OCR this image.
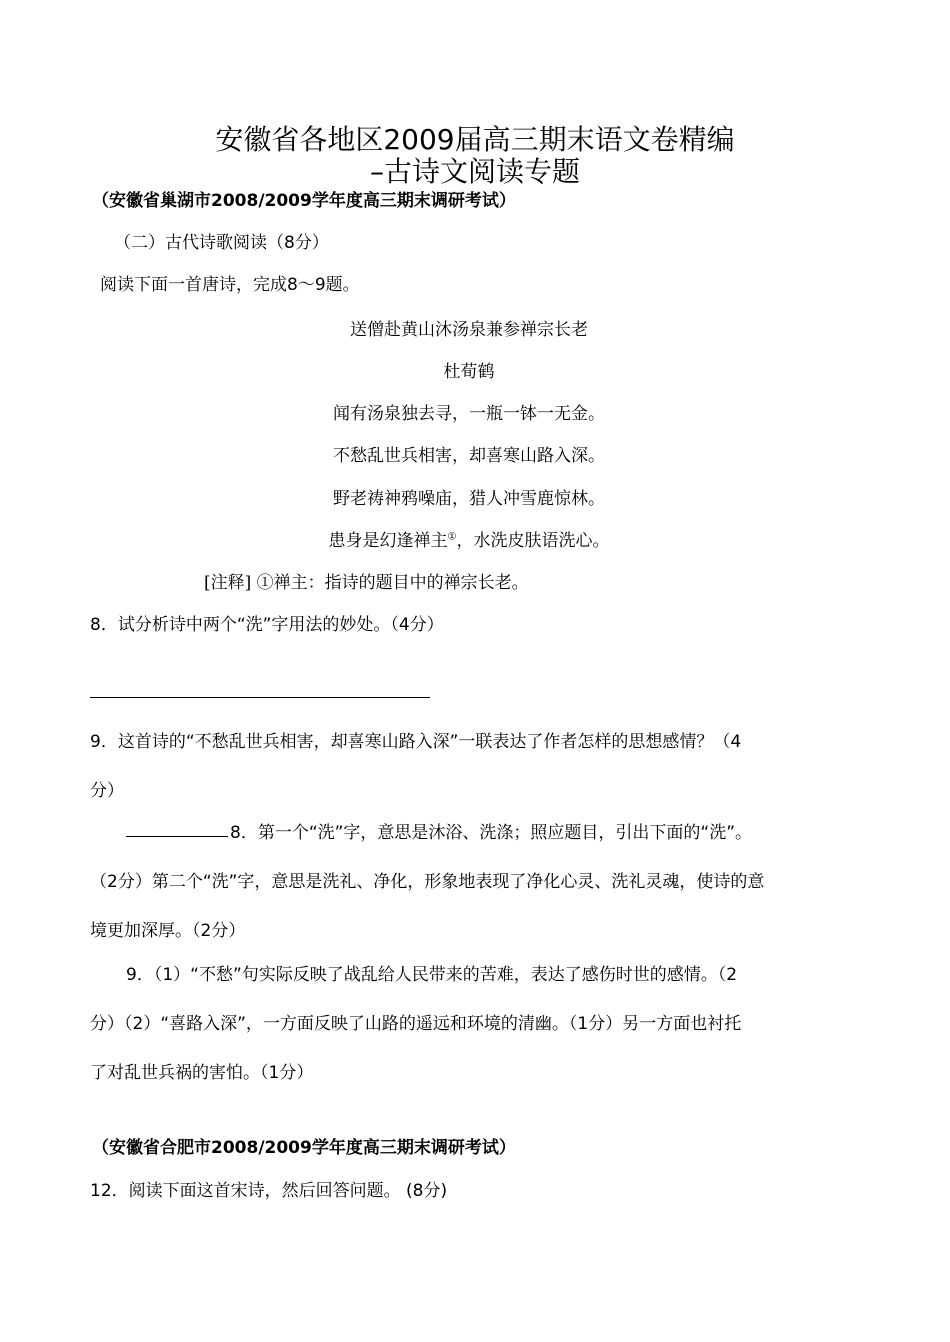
安徽省各地区2009届高三期末语文卷精编
–古诗文阅读专题
（安徽省巢湖市2008/2009学年度高三期末调研考试）
（二）古代诗歌阅读（8分）
阅读下面一首唐诗，完成8～9题。
送僧赴黄山沐汤泉兼参禅宗长老
杜荀鹤
闻有汤泉独去寻，一瓶一钵一无金。
不愁乱世兵相害，却喜寒山路入深。
野老祷神鸦噪庙，猎人冲雪鹿惊林。
患身是幻逢禅主①，水洗皮肤语洗心。
[注释] ①禅主：指诗的题目中的禅宗长老。
8．试分析诗中两个“洗”字用法的妙处。（4分）
9．这首诗的“不愁乱世兵相害，却喜寒山路入深”一联表达了作者怎样的思想感情？（4
分）
8．第一个“洗”字，意思是沐浴、洗涤；照应题目，引出下面的“洗”。
（2分）第二个“洗”字，意思是洗礼、净化，形象地表现了净化心灵、洗礼灵魂，使诗的意
境更加深厚。（2分）
9．（1）“不愁”句实际反映了战乱给人民带来的苦难，表达了感伤时世的感情。（2
分）（2）“喜路入深”，一方面反映了山路的遥远和环境的清幽。（1分）另一方面也衬托
了对乱世兵祸的害怕。（1分）
（安徽省合肥市2008/2009学年度高三期末调研考试）
12．阅读下面这首宋诗，然后回答问题。 (8分)
